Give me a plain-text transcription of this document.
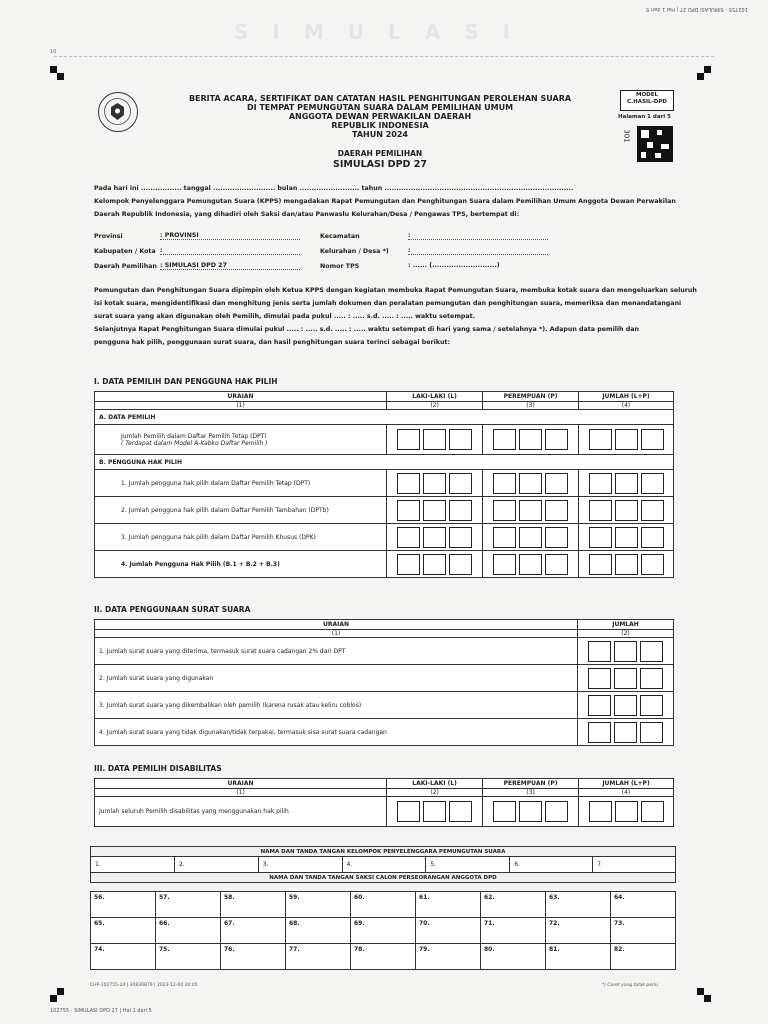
102755 - SIMULASI DPD 27 | Hal 1 dari 5
SIMULASI
10
BERITA ACARA, SERTIFIKAT DAN CATATAN HASIL PENGHITUNGAN PEROLEHAN SUARA
DI TEMPAT PEMUNGUTAN SUARA DALAM PEMILIHAN UMUM
ANGGOTA DEWAN PERWAKILAN DAERAH
REPUBLIK INDONESIA
TAHUN 2024
DAERAH PEMILIHAN
SIMULASI DPD 27
MODEL
C.HASIL-DPD
Halaman 1 dari 5
301
Pada hari ini ................. tanggal .......................... bulan ......................... tahun ...............................................................................
Kelompok Penyelenggara Pemungutan Suara (KPPS) mengadakan Rapat Pemungutan dan Penghitungan Suara dalam Pemilihan Umum Anggota Dewan Perwakilan
Daerah Republik Indonesia, yang dihadiri oleh Saksi dan/atau Panwaslu Kelurahan/Desa / Pengawas TPS, bertempat di:
Provinsi	: PROVINSI
Kabupaten / Kota :
Daerah Pemilihan : SIMULASI DPD 27
Kecamatan	:
Kelurahan / Desa *)	:
Nomor TPS	: ...... (...........................)
Pemungutan dan Penghitungan Suara dipimpin oleh Ketua KPPS dengan kegiatan membuka Rapat Pemungutan Suara, membuka kotak suara dan mengeluarkan seluruh
isi kotak suara, mengidentifikasi dan menghitung jenis serta jumlah dokumen dan peralatan pemungutan dan penghitungan suara, memeriksa dan menandatangani
surat suara yang akan digunakan oleh Pemilih, dimulai pada pukul ..... : ..... s.d. ..... : ..... waktu setempat.
Selanjutnya Rapat Penghitungan Suara dimulai pukul ..... : ..... s.d. ..... : ..... waktu setempat di hari yang sama / setelahnya *). Adapun data pemilih dan
pengguna hak pilih, penggunaan surat suara, dan hasil penghitungan suara terinci sebagai berikut:
I. DATA PEMILIH DAN PENGGUNA HAK PILIH
URAIAN	LAKI-LAKI (L)	PEREMPUAN (P)	JUMLAH (L+P)
(1)	(2)	(3)	(4)
A. DATA PEMILIH			

Jumlah Pemilih dalam Daftar Pemilih Tetap (DPT)
( Terdapat dalam Model A-Kabko Daftar Pemilih )			

B. PENGGUNA HAK PILIH			
1. Jumlah pengguna hak pilih dalam Daftar Pemilih Tetap (DPT)	

2. Jumlah pengguna hak pilih dalam Daftar Pemilih Tambahan (DPTb)	

3. Jumlah pengguna hak pilih dalam Daftar Pemilih Khusus (DPK)	

4. Jumlah Pengguna Hak Pilih (B.1 + B.2 + B.3)	

II. DATA PENGGUNAAN SURAT SUARA
URAIAN	JUMLAH
(1)	(2)
1. Jumlah surat suara yang diterima, termasuk surat suara cadangan 2% dari DPT	

2. Jumlah surat suara yang digunakan	

3. Jumlah surat suara yang dikembalikan oleh pemilih (karena rusak atau keliru coblos)	

4. Jumlah surat suara yang tidak digunakan/tidak terpakai, termasuk sisa surat suara cadangan	
III. DATA PEMILIH DISABILITAS
URAIAN	LAKI-LAKI (L)	PEREMPUAN (P)	JUMLAH (L+P)
(1)	(2)	(3)	(4)
Jumlah seluruh Pemilih disabilitas yang menggunakan hak pilih	

NAMA DAN TANDA TANGAN KELOMPOK PENYELENGGARA PEMUNGUTAN SUARA
1.	2.	3.	4.	5.	6.	7.
NAMA DAN TANDA TANGAN SAKSI CALON PERSEORANGAN ANGGOTA DPD
56.	57.	58.	59.	60.	61.	62.	63.	64.
65.	66.	67.	68.	69.	70.	71.	72.	73.
74.	75.	76.	77.	78.	79.	80.	81.	82.
CHP-102755-24 | 30830879 | 2023-12-04 20:05	*) Coret yang tidak perlu
102755 - SIMULASI DPD 27 | Hal 1 dari 5
